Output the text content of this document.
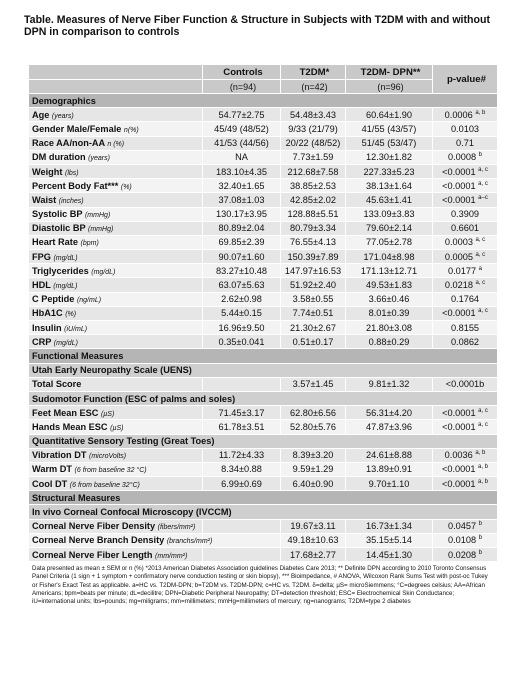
Table. Measures of Nerve Fiber Function & Structure in Subjects with T2DM with and without DPN in comparison to controls
	Controls	T2DM*	T2DM- DPN**	p-value#
	(n=94)	(n=42)	(n=96)	
Demographics				
Age (years)	54.77±2.75	54.48±3.43	60.64±1.90	0.0006 $^{a, b}$
Gender Male/Female n(%)	45/49 (48/52)	9/33 (21/79)	41/55 (43/57)	0.0103
Race AA/non-AA n (%)	41/53 (44/56)	20/22 (48/52)	51/45 (53/47)	0.71
DM duration (years)	NA	7.73±1.59	12.30±1.82	0.0008 $^b$
Weight (lbs)	183.10±4.35	212.68±7.58	227.33±5.23	<0.0001 $^{a, c}$
Percent Body Fat*** (%)	32.40±1.65	38.85±2.53	38.13±1.64	<0.0001 $^{a, c}$
Waist (inches)	37.08±1.03	42.85±2.02	45.63±1.41	<0.0001 $^{a-c}$
Systolic BP (mmHg)	130.17±3.95	128.88±5.51	133.09±3.83	0.3909
Diastolic BP (mmHg)	80.89±2.04	80.79±3.34	79.60±2.14	0.6601
Heart Rate (bpm)	69.85±2.39	76.55±4.13	77.05±2.78	0.0003 $^{a, c}$
FPG (mg/dL)	90.07±1.60	150.39±7.89	171.04±8.98	0.0005 $^{a, c}$
Triglycerides (mg/dL)	83.27±10.48	147.97±16.53	171.13±12.71	0.0177 $^a$
HDL (mg/dL)	63.07±5.63	51.92±2.40	49.53±1.83	0.0218 $^{a, c}$
C Peptide (ng/mL)	2.62±0.98	3.58±0.55	3.66±0.46	0.1764
HbA1C (%)	5.44±0.15	7.74±0.51	8.01±0.39	<0.0001 $^{a, c}$
Insulin (iU/mL)	16.96±9.50	21.30±2.67	21.80±3.08	0.8155
CRP (mg/dL)	0.35±0.041	0.51±0.17	0.88±0.29	0.0862
Functional Measures				
Utah Early Neuropathy Scale (UENS)				
Total Score		3.57±1.45	9.81±1.32	<0.0001b
Sudomotor Function (ESC of palms and soles)				
Feet Mean ESC (µS)	71.45±3.17	62.80±6.56	56.31±4.20	<0.0001 $^{a, c}$
Hands Mean ESC (µS)	61.78±3.51	52.80±5.76	47.87±3.96	<0.0001 $^{a, c}$
Quantitative Sensory Testing (Great Toes)				
Vibration DT (microVolts)	11.72±4.33	8.39±3.20	24.61±8.88	0.0036 $^{a, b}$
Warm DT (6 from baseline 32 °C)	8.34±0.88	9.59±1.29	13.89±0.91	<0.0001 $^{a, b}$
Cool DT (6 from baseline 32°C)	6.99±0.69	6.40±0.90	9.70±1.10	<0.0001 $^{a, b}$
Structural Measures				
In vivo Corneal Confocal Microscopy (IVCCM)				
Corneal Nerve Fiber Density (fibers/mm²)		19.67±3.11	16.73±1.34	0.0457 $^b$
Corneal Nerve Branch Density (branchs/mm²)		49.18±10.63	35.15±5.14	0.0108 $^b$
Corneal Nerve Fiber Length (mm/mm²)		17.68±2.77	14.45±1.30	0.0208 $^b$
Data presented as mean ± SEM or n (%) *2013 American Diabetes Association guidelines Diabetes Care 2013; ** Definite DPN according to 2010 Toronto Consensus Panel Criteria (1 sign + 1 symptom + confirmatory nerve conduction testing or skin biopsy), *** Bioimpedance, # ANOVA, Wilcoxon Rank Sums Test with post-oc Tukey or Fisher's Exact Test as applicable. a=HC vs. T2DM-DPN; b=T2DM vs. T2DM-DPN; c=HC vs. T2DM. δ=delta; µS= microSiemmens; °C=degrees celsius; AA=African Americans; bpm=beats per minute; dL=decilitre; DPN=Diabetic Peripheral Neuropathy; DT=detection threshold; ESC= Electrochemical Skin Conductance; iU=international units; lbs=pounds; mg=miligrams; mm=millimeters; mmHg=millimeters of mercury; ng=nanograms; T2DM=type 2 diabetes
